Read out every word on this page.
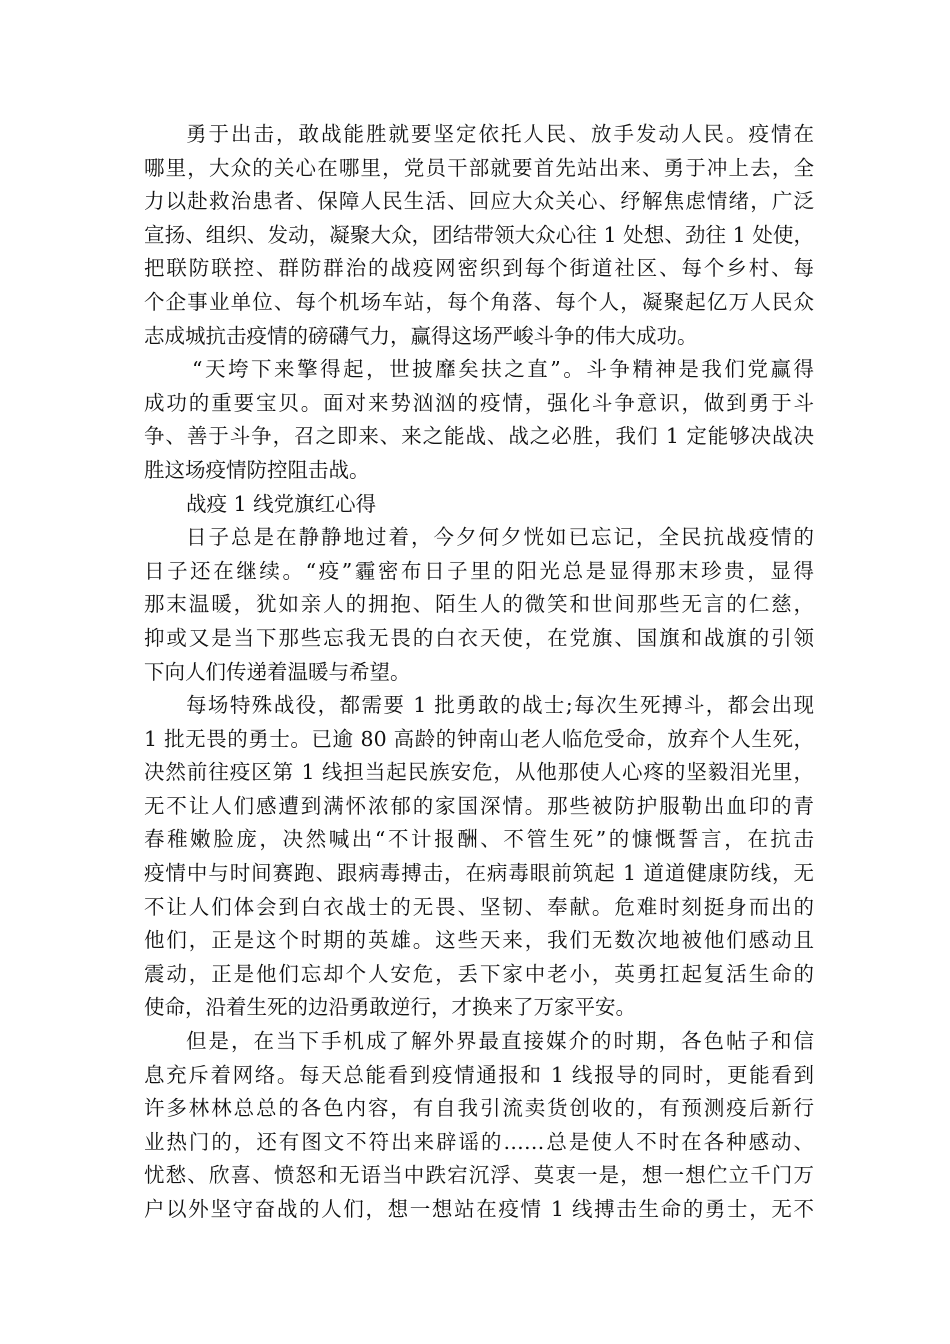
勇于出击，敢战能胜就要坚定依托人民、放手发动人民。疫情在
哪里，大众的关心在哪里，党员干部就要首先站出来、勇于冲上去，全
力以赴救治患者、保障人民生活、回应大众关心、纾解焦虑情绪，广泛
宣扬、组织、发动，凝聚大众，团结带领大众心往 1 处想、劲往 1 处使，
把联防联控、群防群治的战疫网密织到每个街道社区、每个乡村、每
个企事业单位、每个机场车站，每个角落、每个人，凝聚起亿万人民众
志成城抗击疫情的磅礴气力，赢得这场严峻斗争的伟大成功。
“天垮下来擎得起，世披靡矣扶之直”。斗争精神是我们党赢得
成功的重要宝贝。面对来势汹汹的疫情，强化斗争意识，做到勇于斗
争、善于斗争，召之即来、来之能战、战之必胜，我们 1 定能够决战决
胜这场疫情防控阻击战。
战疫 1 线党旗红心得
日子总是在静静地过着，今夕何夕恍如已忘记，全民抗战疫情的
日子还在继续。“疫”霾密布日子里的阳光总是显得那末珍贵，显得
那末温暖，犹如亲人的拥抱、陌生人的微笑和世间那些无言的仁慈，
抑或又是当下那些忘我无畏的白衣天使，在党旗、国旗和战旗的引领
下向人们传递着温暖与希望。
每场特殊战役，都需要 1 批勇敢的战士;每次生死搏斗，都会出现
1 批无畏的勇士。已逾 80 高龄的钟南山老人临危受命，放弃个人生死，
决然前往疫区第 1 线担当起民族安危，从他那使人心疼的坚毅泪光里，
无不让人们感遭到满怀浓郁的家国深情。那些被防护服勒出血印的青
春稚嫩脸庞，决然喊出“不计报酬、不管生死”的慷慨誓言，在抗击
疫情中与时间赛跑、跟病毒搏击，在病毒眼前筑起 1 道道健康防线，无
不让人们体会到白衣战士的无畏、坚韧、奉献。危难时刻挺身而出的
他们，正是这个时期的英雄。这些天来，我们无数次地被他们感动且
震动，正是他们忘却个人安危，丢下家中老小，英勇扛起复活生命的
使命，沿着生死的边沿勇敢逆行，才换来了万家平安。
但是，在当下手机成了解外界最直接媒介的时期，各色帖子和信
息充斥着网络。每天总能看到疫情通报和 1 线报导的同时，更能看到
许多林林总总的各色内容，有自我引流卖货创收的，有预测疫后新行
业热门的，还有图文不符出来辟谣的……总是使人不时在各种感动、
忧愁、欣喜、愤怒和无语当中跌宕沉浮、莫衷一是，想一想伫立千门万
户以外坚守奋战的人们，想一想站在疫情 1 线搏击生命的勇士，无不
